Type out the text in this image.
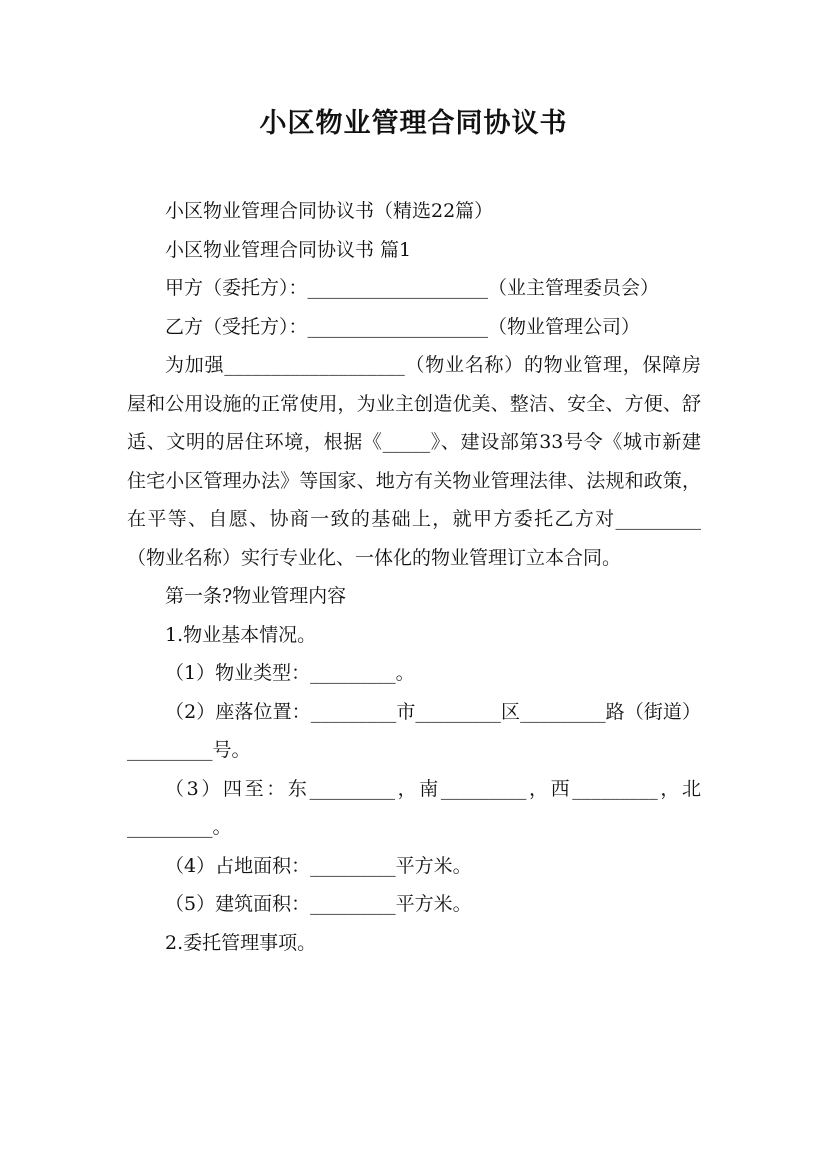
小区物业管理合同协议书

小区物业管理合同协议书（精选22篇）

小区物业管理合同协议书 篇1

甲方（委托方）：___________________（业主管理委员会）

乙方（受托方）：___________________（物业管理公司）

为加强___________________（物业名称）的物业管理，保障房屋和公用设施的正常使用，为业主创造优美、整洁、安全、方便、舒适、文明的居住环境，根据《_____》、建设部第33号令《城市新建住宅小区管理办法》等国家、地方有关物业管理法律、法规和政策，在平等、自愿、协商一致的基础上，就甲方委托乙方对_________（物业名称）实行专业化、一体化的物业管理订立本合同。

第一条?物业管理内容

1.物业基本情况。

（1）物业类型：_________。

（2）座落位置：_________市_________区_________路（街道）_________号。

（3）四至：东_________，南_________，西_________，北_________。

（4）占地面积：_________平方米。

（5）建筑面积：_________平方米。

2.委托管理事项。
